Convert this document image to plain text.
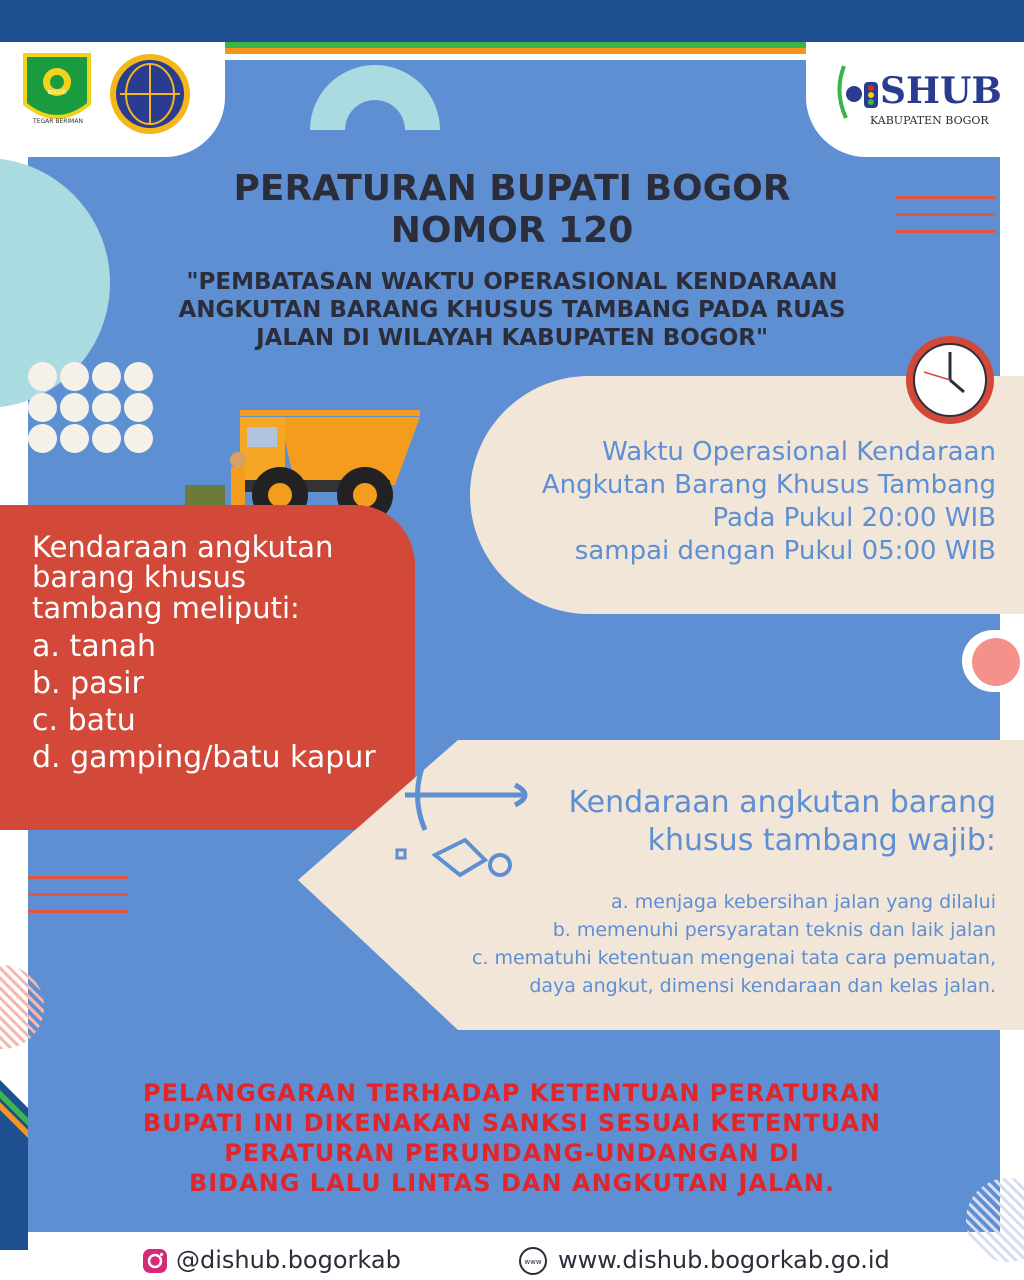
TEGAR BERIMAN
BOGOR	SHUB
KABUPATEN BOGOR
PERATURAN BUPATI BOGOR
NOMOR 120
"PEMBATASAN WAKTU OPERASIONAL KENDARAAN
ANGKUTAN BARANG KHUSUS TAMBANG PADA RUAS
JALAN DI WILAYAH KABUPATEN BOGOR"
Waktu Operasional Kendaraan
Angkutan Barang Khusus Tambang
Pada Pukul 20:00 WIB
sampai dengan Pukul 05:00 WIB
Kendaraan angkutan
barang khusus
tambang meliputi:
a. tanah
b. pasir
c. batu
d. gamping/batu kapur
Kendaraan angkutan barang
khusus tambang wajib:
a. menjaga kebersihan jalan yang dilalui
b. memenuhi persyaratan teknis dan laik jalan
c. mematuhi ketentuan mengenai tata cara pemuatan,
daya angkut, dimensi kendaraan dan kelas jalan.
PELANGGARAN TERHADAP KETENTUAN PERATURAN
BUPATI INI DIKENAKAN SANKSI SESUAI KETENTUAN
PERATURAN PERUNDANG-UNDANGAN DI
BIDANG LALU LINTAS DAN ANGKUTAN JALAN.
@dishub.bogorkab	www www.dishub.bogorkab.go.id
